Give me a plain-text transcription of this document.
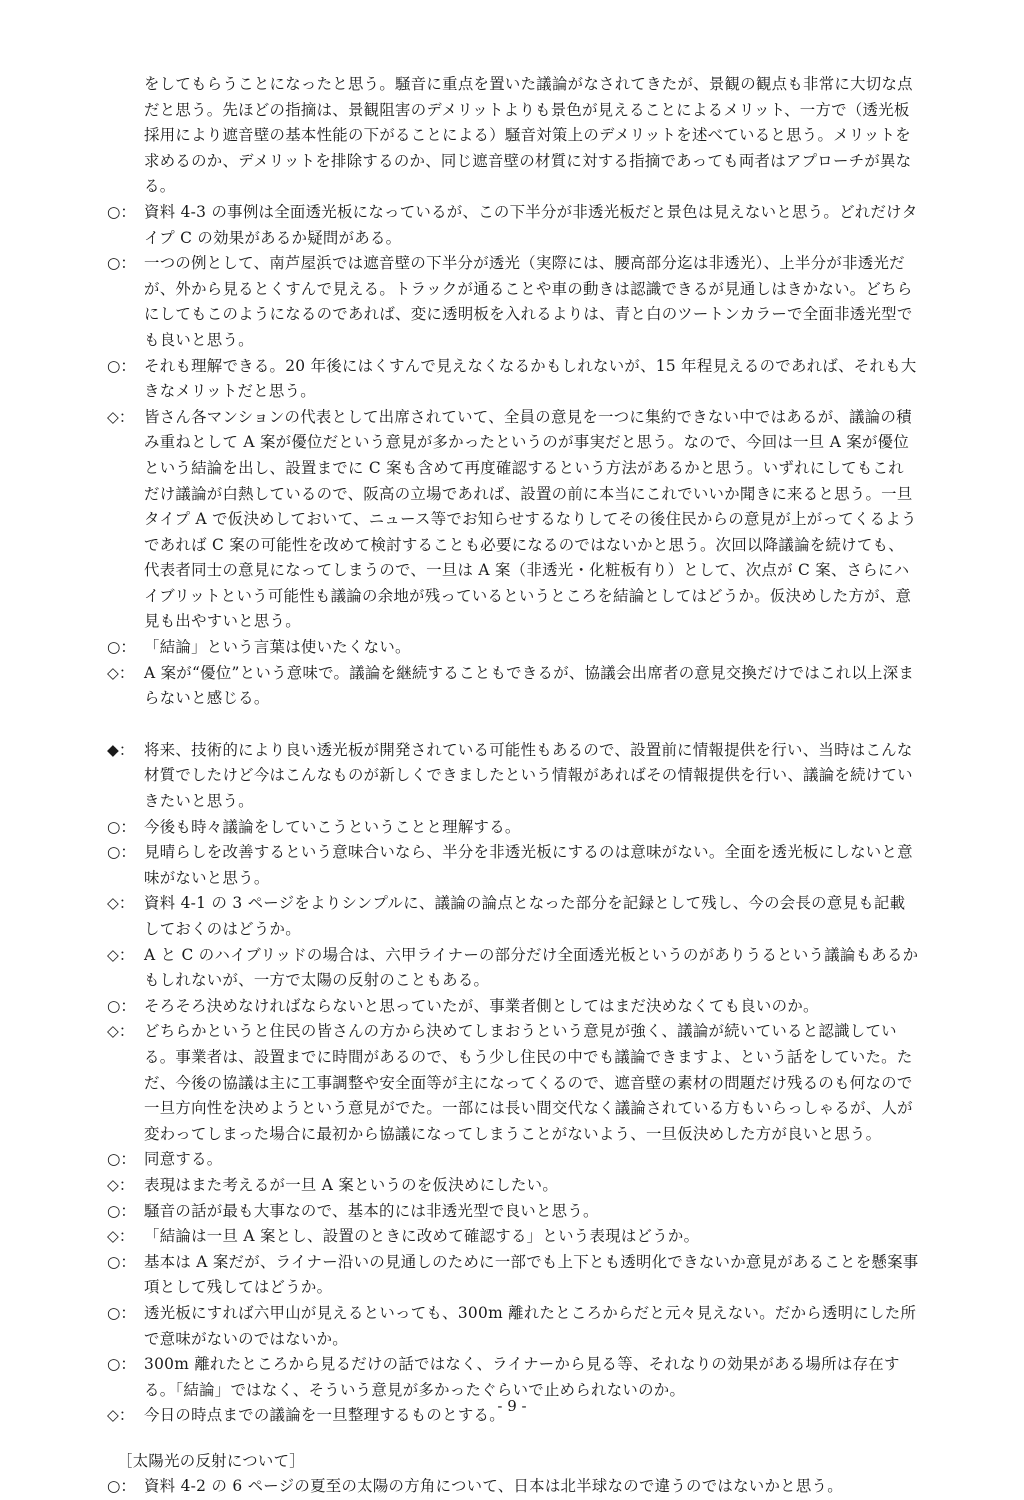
をしてもらうことになったと思う。騒音に重点を置いた議論がなされてきたが、景観の観点も非常に大切な点だと思う。先ほどの指摘は、景観阻害のデメリットよりも景色が見えることによるメリット、一方で（透光板採用により遮音壁の基本性能の下がることによる）騒音対策上のデメリットを述べていると思う。メリットを求めるのか、デメリットを排除するのか、同じ遮音壁の材質に対する指摘であっても両者はアプローチが異なる。
○： 資料 4-3 の事例は全面透光板になっているが、この下半分が非透光板だと景色は見えないと思う。どれだけタイプ C の効果があるか疑問がある。
○： 一つの例として、南芦屋浜では遮音壁の下半分が透光（実際には、腰高部分迄は非透光）、上半分が非透光だが、外から見るとくすんで見える。トラックが通ることや車の動きは認識できるが見通しはきかない。どちらにしてもこのようになるのであれば、変に透明板を入れるよりは、青と白のツートンカラーで全面非透光型でも良いと思う。
○： それも理解できる。20 年後にはくすんで見えなくなるかもしれないが、15 年程見えるのであれば、それも大きなメリットだと思う。
◇： 皆さん各マンションの代表として出席されていて、全員の意見を一つに集約できない中ではあるが、議論の積み重ねとして A 案が優位だという意見が多かったというのが事実だと思う。なので、今回は一旦 A 案が優位という結論を出し、設置までに C 案も含めて再度確認するという方法があるかと思う。いずれにしてもこれだけ議論が白熱しているので、阪高の立場であれば、設置の前に本当にこれでいいか聞きに来ると思う。一旦タイプ A で仮決めしておいて、ニュース等でお知らせするなりしてその後住民からの意見が上がってくるようであれば C 案の可能性を改めて検討することも必要になるのではないかと思う。次回以降議論を続けても、代表者同士の意見になってしまうので、一旦は A 案（非透光・化粧板有り）として、次点が C 案、さらにハイブリットという可能性も議論の余地が残っているというところを結論としてはどうか。仮決めした方が、意見も出やすいと思う。
○： 「結論」という言葉は使いたくない。
◇： A 案が“優位”という意味で。議論を継続することもできるが、協議会出席者の意見交換だけではこれ以上深まらないと感じる。
◆： 将来、技術的により良い透光板が開発されている可能性もあるので、設置前に情報提供を行い、当時はこんな材質でしたけど今はこんなものが新しくできましたという情報があればその情報提供を行い、議論を続けていきたいと思う。
○： 今後も時々議論をしていこうということと理解する。
○： 見晴らしを改善するという意味合いなら、半分を非透光板にするのは意味がない。全面を透光板にしないと意味がないと思う。
◇： 資料 4-1 の 3 ページをよりシンプルに、議論の論点となった部分を記録として残し、今の会長の意見も記載しておくのはどうか。
◇： A と C のハイブリッドの場合は、六甲ライナーの部分だけ全面透光板というのがありうるという議論もあるかもしれないが、一方で太陽の反射のこともある。
○： そろそろ決めなければならないと思っていたが、事業者側としてはまだ決めなくても良いのか。
◇： どちらかというと住民の皆さんの方から決めてしまおうという意見が強く、議論が続いていると認識している。事業者は、設置までに時間があるので、もう少し住民の中でも議論できますよ、という話をしていた。ただ、今後の協議は主に工事調整や安全面等が主になってくるので、遮音壁の素材の問題だけ残るのも何なので一旦方向性を決めようという意見がでた。一部には長い間交代なく議論されている方もいらっしゃるが、人が変わってしまった場合に最初から協議になってしまうことがないよう、一旦仮決めした方が良いと思う。
○： 同意する。
◇： 表現はまた考えるが一旦 A 案というのを仮決めにしたい。
○： 騒音の話が最も大事なので、基本的には非透光型で良いと思う。
◇： 「結論は一旦 A 案とし、設置のときに改めて確認する」という表現はどうか。
○： 基本は A 案だが、ライナー沿いの見通しのために一部でも上下とも透明化できないか意見があることを懸案事項として残してはどうか。
○： 透光板にすれば六甲山が見えるといっても、300m 離れたところからだと元々見えない。だから透明にした所で意味がないのではないか。
○： 300m 離れたところから見るだけの話ではなく、ライナーから見る等、それなりの効果がある場所は存在する。「結論」ではなく、そういう意見が多かったぐらいで止められないのか。
◇： 今日の時点までの議論を一旦整理するものとする。
［太陽光の反射について］
○： 資料 4-2 の 6 ページの夏至の太陽の方角について、日本は北半球なので違うのではないかと思う。
- 9 -
